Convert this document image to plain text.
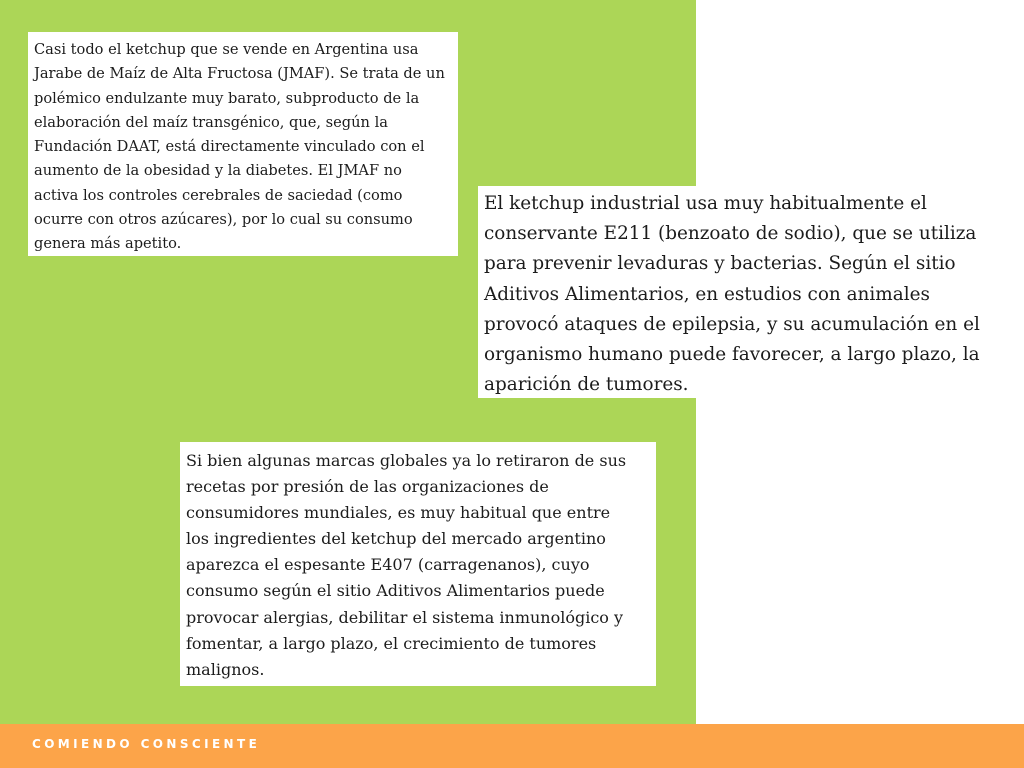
Casi todo el ketchup que se vende en Argentina usa
Jarabe de Maíz de Alta Fructosa (JMAF). Se trata de un
polémico endulzante muy barato, subproducto de la
elaboración del maíz transgénico, que, según la
Fundación DAAT, está directamente vinculado con el
aumento de la obesidad y la diabetes. El JMAF no
activa los controles cerebrales de saciedad (como
ocurre con otros azúcares), por lo cual su consumo
genera más apetito.
El ketchup industrial usa muy habitualmente el
conservante E211 (benzoato de sodio), que se utiliza
para prevenir levaduras y bacterias. Según el sitio
Aditivos Alimentarios, en estudios con animales
provocó ataques de epilepsia, y su acumulación en el
organismo humano puede favorecer, a largo plazo, la
aparición de tumores.
Si bien algunas marcas globales ya lo retiraron de sus
recetas por presión de las organizaciones de
consumidores mundiales, es muy habitual que entre
los ingredientes del ketchup del mercado argentino
aparezca el espesante E407 (carragenanos), cuyo
consumo según el sitio Aditivos Alimentarios puede
provocar alergias, debilitar el sistema inmunológico y
fomentar, a largo plazo, el crecimiento de tumores
malignos.
COMIENDO CONSCIENTE
